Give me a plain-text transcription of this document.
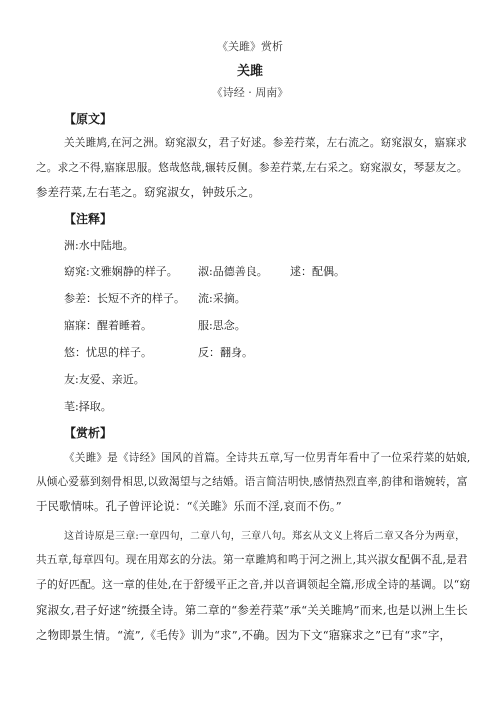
《关雎》赏析
关雎
《诗经 · 周南》
【原文】
关关雎鸠,在河之洲。窈窕淑女，君子好逑。参差荇菜，左右流之。窈窕淑女，寤寐求
之。求之不得,寤寐思服。悠哉悠哉,辗转反侧。参差荇菜,左右采之。窈窕淑女，琴瑟友之。
参差荇菜,左右芼之。窈窕淑女，钟鼓乐之。
【注释】
洲:水中陆地。
窈窕:文雅娴静的样子。 淑:品德善良。 逑：配偶。
参差：长短不齐的样子。 流:采摘。
寤寐：醒着睡着。	服:思念。
悠：忧思的样子。	反：翻身。
友:友爱、亲近。
芼:择取。
【赏析】
《关雎》是《诗经》国风的首篇。全诗共五章,写一位男青年看中了一位采荇菜的姑娘,
从倾心爱慕到刻骨相思,以致渴望与之结婚。语言简洁明快,感情热烈直率,韵律和谐婉转，富
于民歌情味。孔子曾评论说：“《关雎》乐而不淫,哀而不伤。”
这首诗原是三章:一章四句，二章八句，三章八句。郑玄从文义上将后二章又各分为两章，
共五章,每章四句。现在用郑玄的分法。第一章雎鸠和鸣于河之洲上,其兴淑女配偶不乱,是君
子的好匹配。这一章的佳处,在于舒缓平正之音,并以音调领起全篇,形成全诗的基调。以“窈
窕淑女,君子好逑”统摄全诗。第二章的“参差荇菜”承“关关雎鸠”而来,也是以洲上生长
之物即景生情。“流”,《毛传》训为“求”,不确。因为下文“寤寐求之”已有“求”字，
